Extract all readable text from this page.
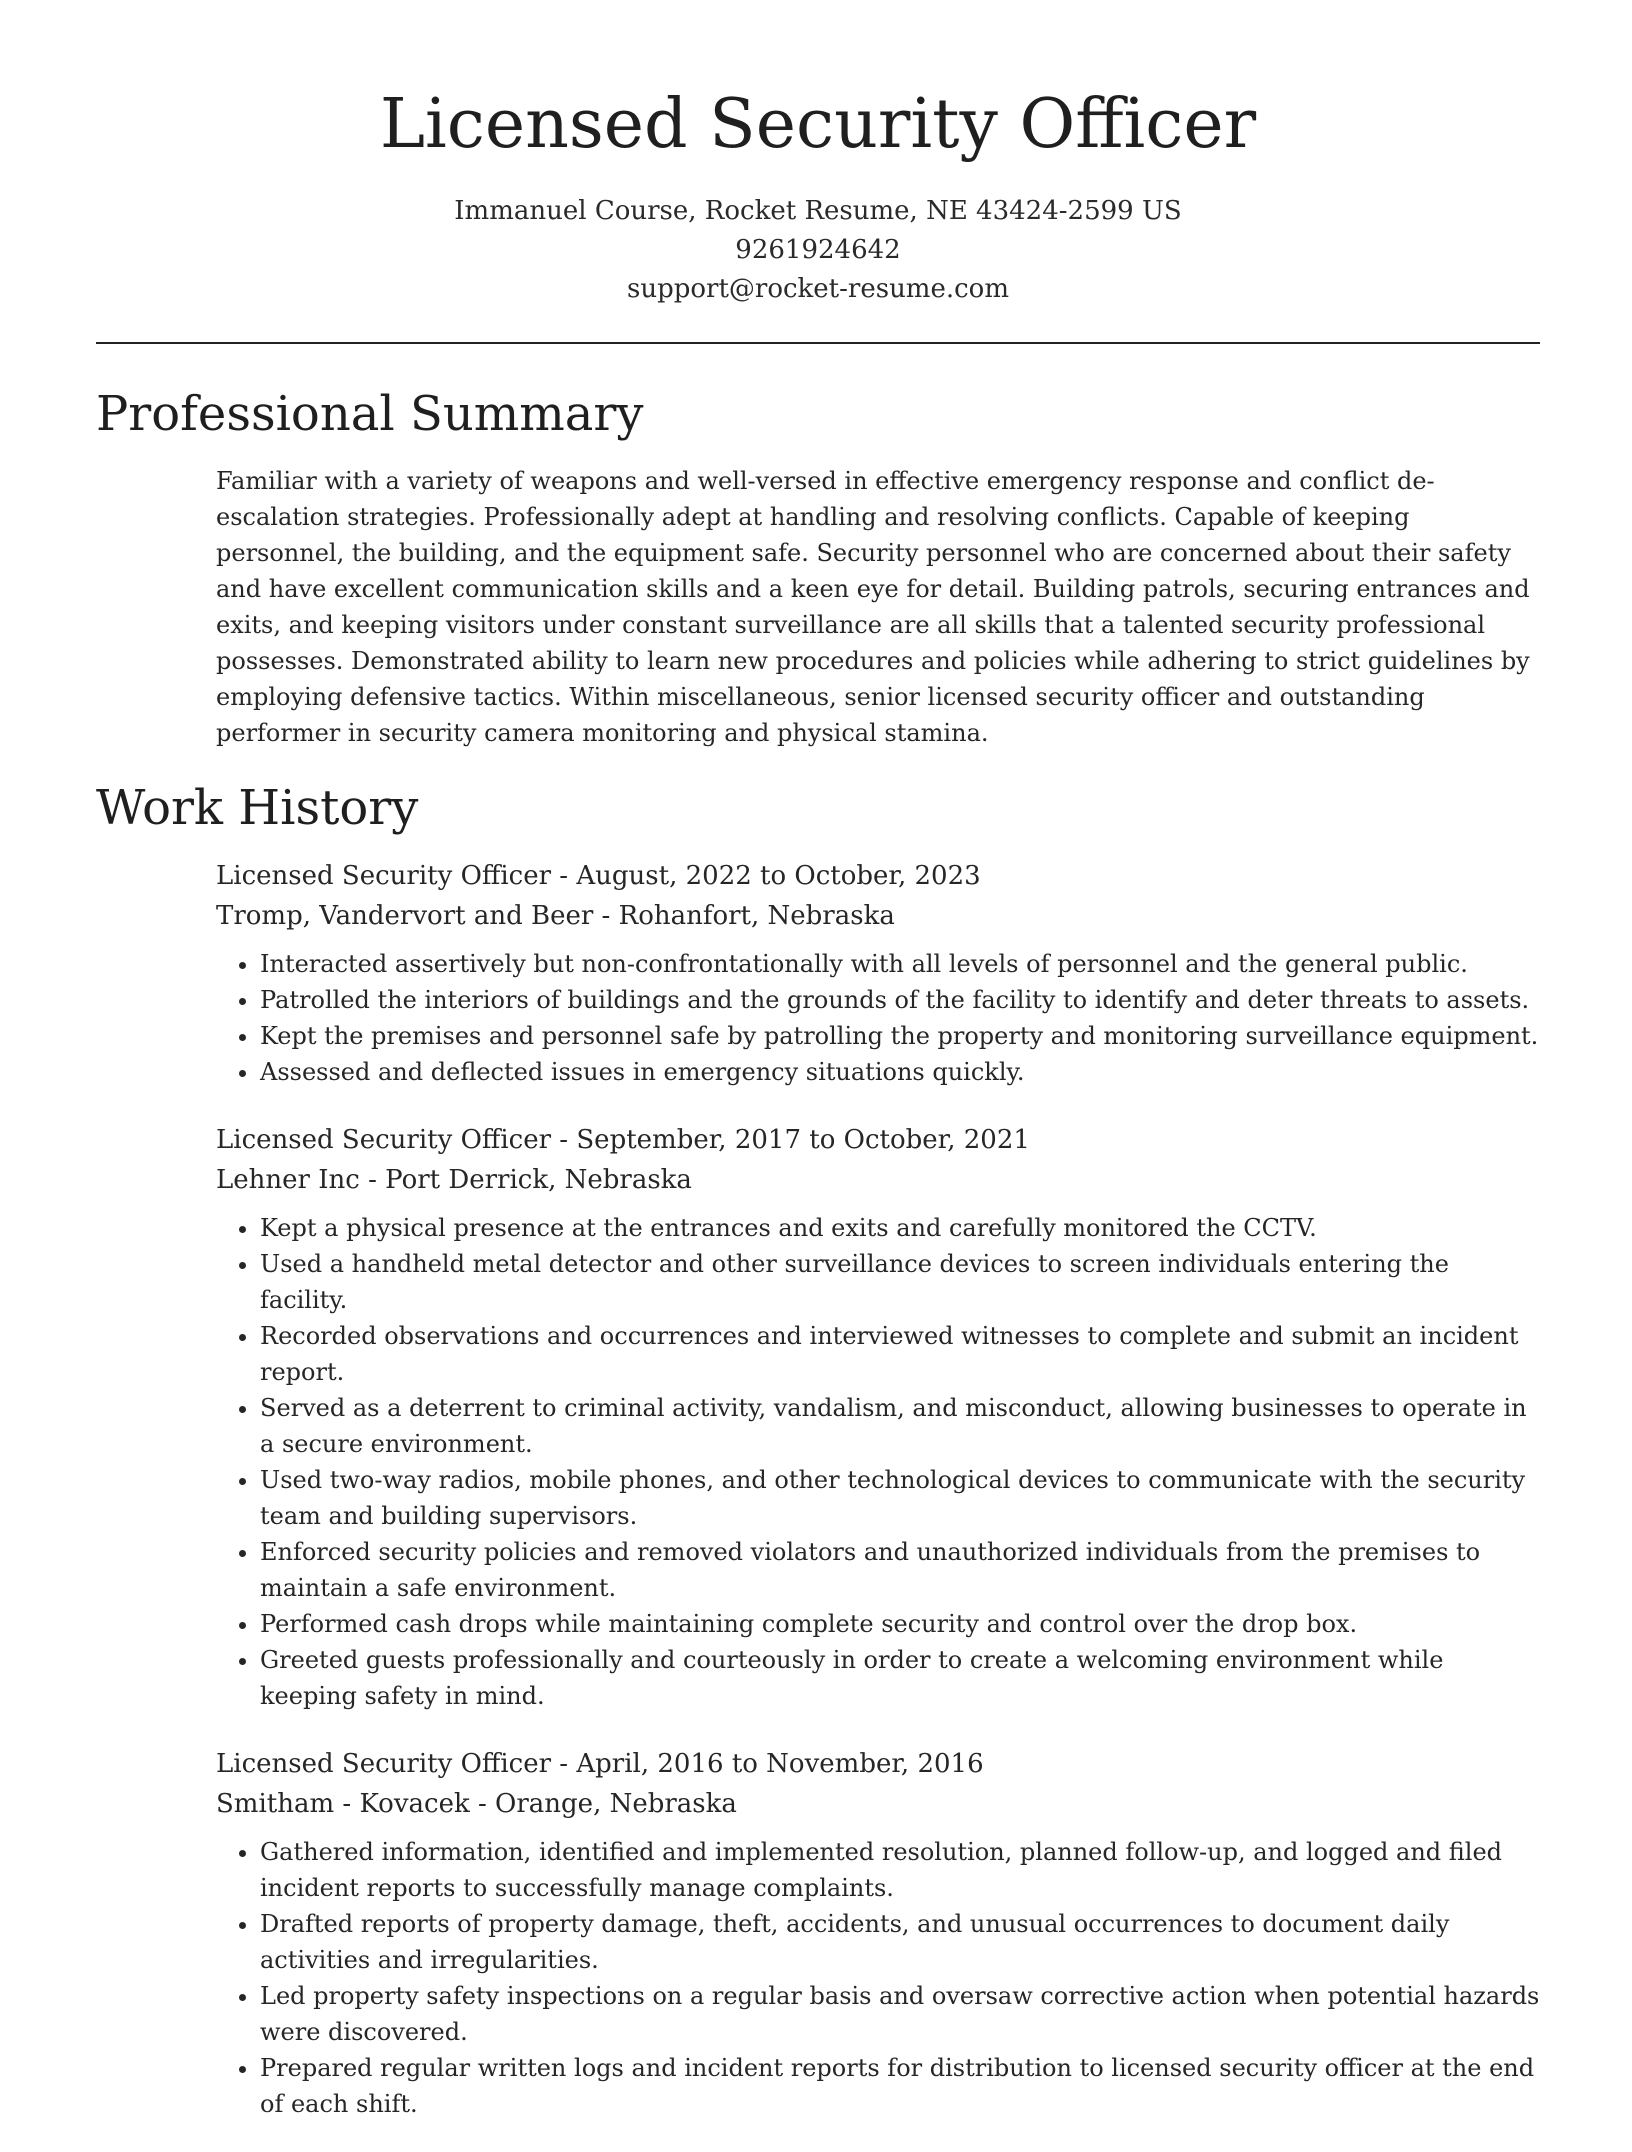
Licensed Security Officer
Immanuel Course, Rocket Resume, NE 43424-2599 US
9261924642
support@rocket-resume.com
Professional Summary

Familiar with a variety of weapons and well-versed in effective emergency response and conflict de-escalation strategies. Professionally adept at handling and resolving conflicts. Capable of keeping personnel, the building, and the equipment safe. Security personnel who are concerned about their safety and have excellent communication skills and a keen eye for detail. Building patrols, securing entrances and exits, and keeping visitors under constant surveillance are all skills that a talented security professional possesses. Demonstrated ability to learn new procedures and policies while adhering to strict guidelines by employing defensive tactics. Within miscellaneous, senior licensed security officer and outstanding performer in security camera monitoring and physical stamina.

Work History
Licensed Security Officer - August, 2022 to October, 2023
Tromp, Vandervort and Beer - Rohanfort, Nebraska
• Interacted assertively but non-confrontationally with all levels of personnel and the general public.
• Patrolled the interiors of buildings and the grounds of the facility to identify and deter threats to assets.
• Kept the premises and personnel safe by patrolling the property and monitoring surveillance equipment.
• Assessed and deflected issues in emergency situations quickly.
Licensed Security Officer - September, 2017 to October, 2021
Lehner Inc - Port Derrick, Nebraska
• Kept a physical presence at the entrances and exits and carefully monitored the CCTV.
• Used a handheld metal detector and other surveillance devices to screen individuals entering the facility.
• Recorded observations and occurrences and interviewed witnesses to complete and submit an incident report.
• Served as a deterrent to criminal activity, vandalism, and misconduct, allowing businesses to operate in a secure environment.
• Used two-way radios, mobile phones, and other technological devices to communicate with the security team and building supervisors.
• Enforced security policies and removed violators and unauthorized individuals from the premises to maintain a safe environment.
• Performed cash drops while maintaining complete security and control over the drop box.
• Greeted guests professionally and courteously in order to create a welcoming environment while keeping safety in mind.
Licensed Security Officer - April, 2016 to November, 2016
Smitham - Kovacek - Orange, Nebraska
• Gathered information, identified and implemented resolution, planned follow-up, and logged and filed incident reports to successfully manage complaints.
• Drafted reports of property damage, theft, accidents, and unusual occurrences to document daily activities and irregularities.
• Led property safety inspections on a regular basis and oversaw corrective action when potential hazards were discovered.
• Prepared regular written logs and incident reports for distribution to licensed security officer at the end of each shift.
